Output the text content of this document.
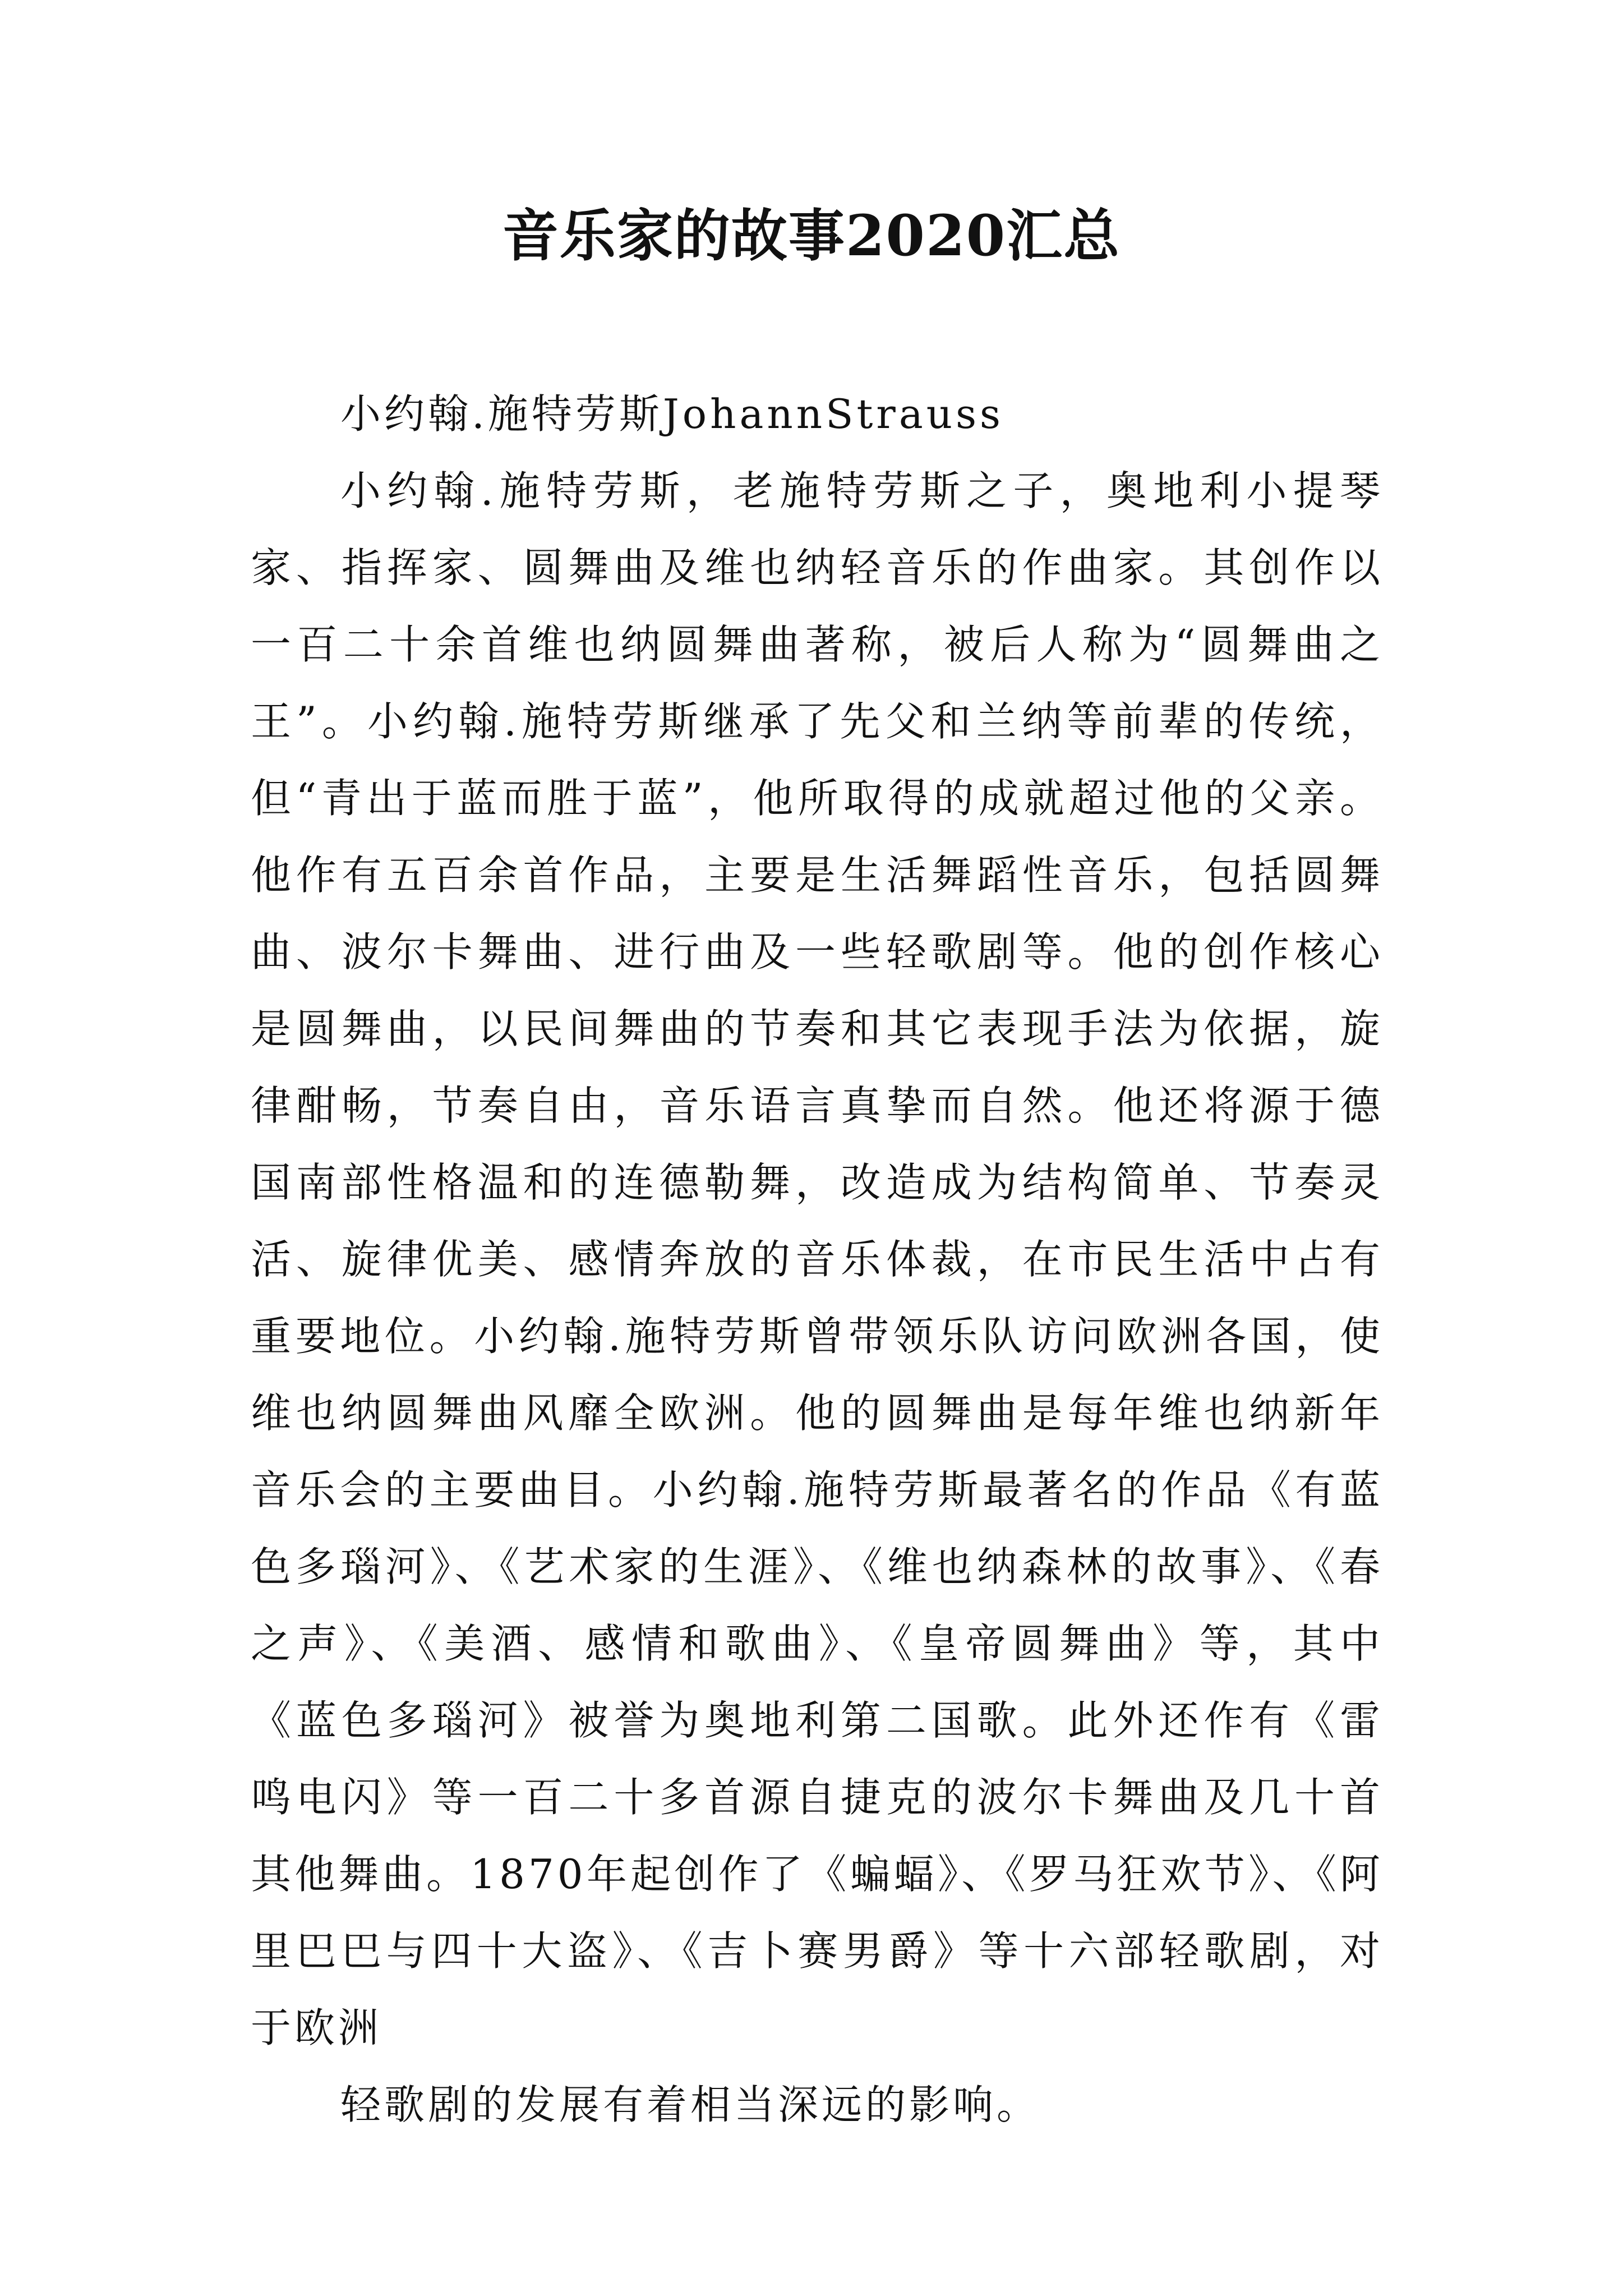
音乐家的故事2020汇总

小约翰.施特劳斯JohannStrauss

小约翰.施特劳斯，老施特劳斯之子，奥地利小提琴家、指挥家、圆舞曲及维也纳轻音乐的作曲家。其创作以一百二十余首维也纳圆舞曲著称，被后人称为“圆舞曲之王”。小约翰.施特劳斯继承了先父和兰纳等前辈的传统，但“青出于蓝而胜于蓝”，他所取得的成就超过他的父亲。他作有五百余首作品，主要是生活舞蹈性音乐，包括圆舞曲、波尔卡舞曲、进行曲及一些轻歌剧等。他的创作核心是圆舞曲，以民间舞曲的节奏和其它表现手法为依据，旋律酣畅，节奏自由，音乐语言真挚而自然。他还将源于德国南部性格温和的连德勒舞，改造成为结构简单、节奏灵活、旋律优美、感情奔放的音乐体裁，在市民生活中占有重要地位。小约翰.施特劳斯曾带领乐队访问欧洲各国，使维也纳圆舞曲风靡全欧洲。他的圆舞曲是每年维也纳新年音乐会的主要曲目。小约翰.施特劳斯最著名的作品《有蓝色多瑙河》、《艺术家的生涯》、《维也纳森林的故事》、《春之声》、《美酒、感情和歌曲》、《皇帝圆舞曲》等，其中《蓝色多瑙河》被誉为奥地利第二国歌。此外还作有《雷鸣电闪》等一百二十多首源自捷克的波尔卡舞曲及几十首其他舞曲。1870年起创作了《蝙蝠》、《罗马狂欢节》、《阿里巴巴与四十大盗》、《吉卜赛男爵》等十六部轻歌剧，对于欧洲

轻歌剧的发展有着相当深远的影响。
